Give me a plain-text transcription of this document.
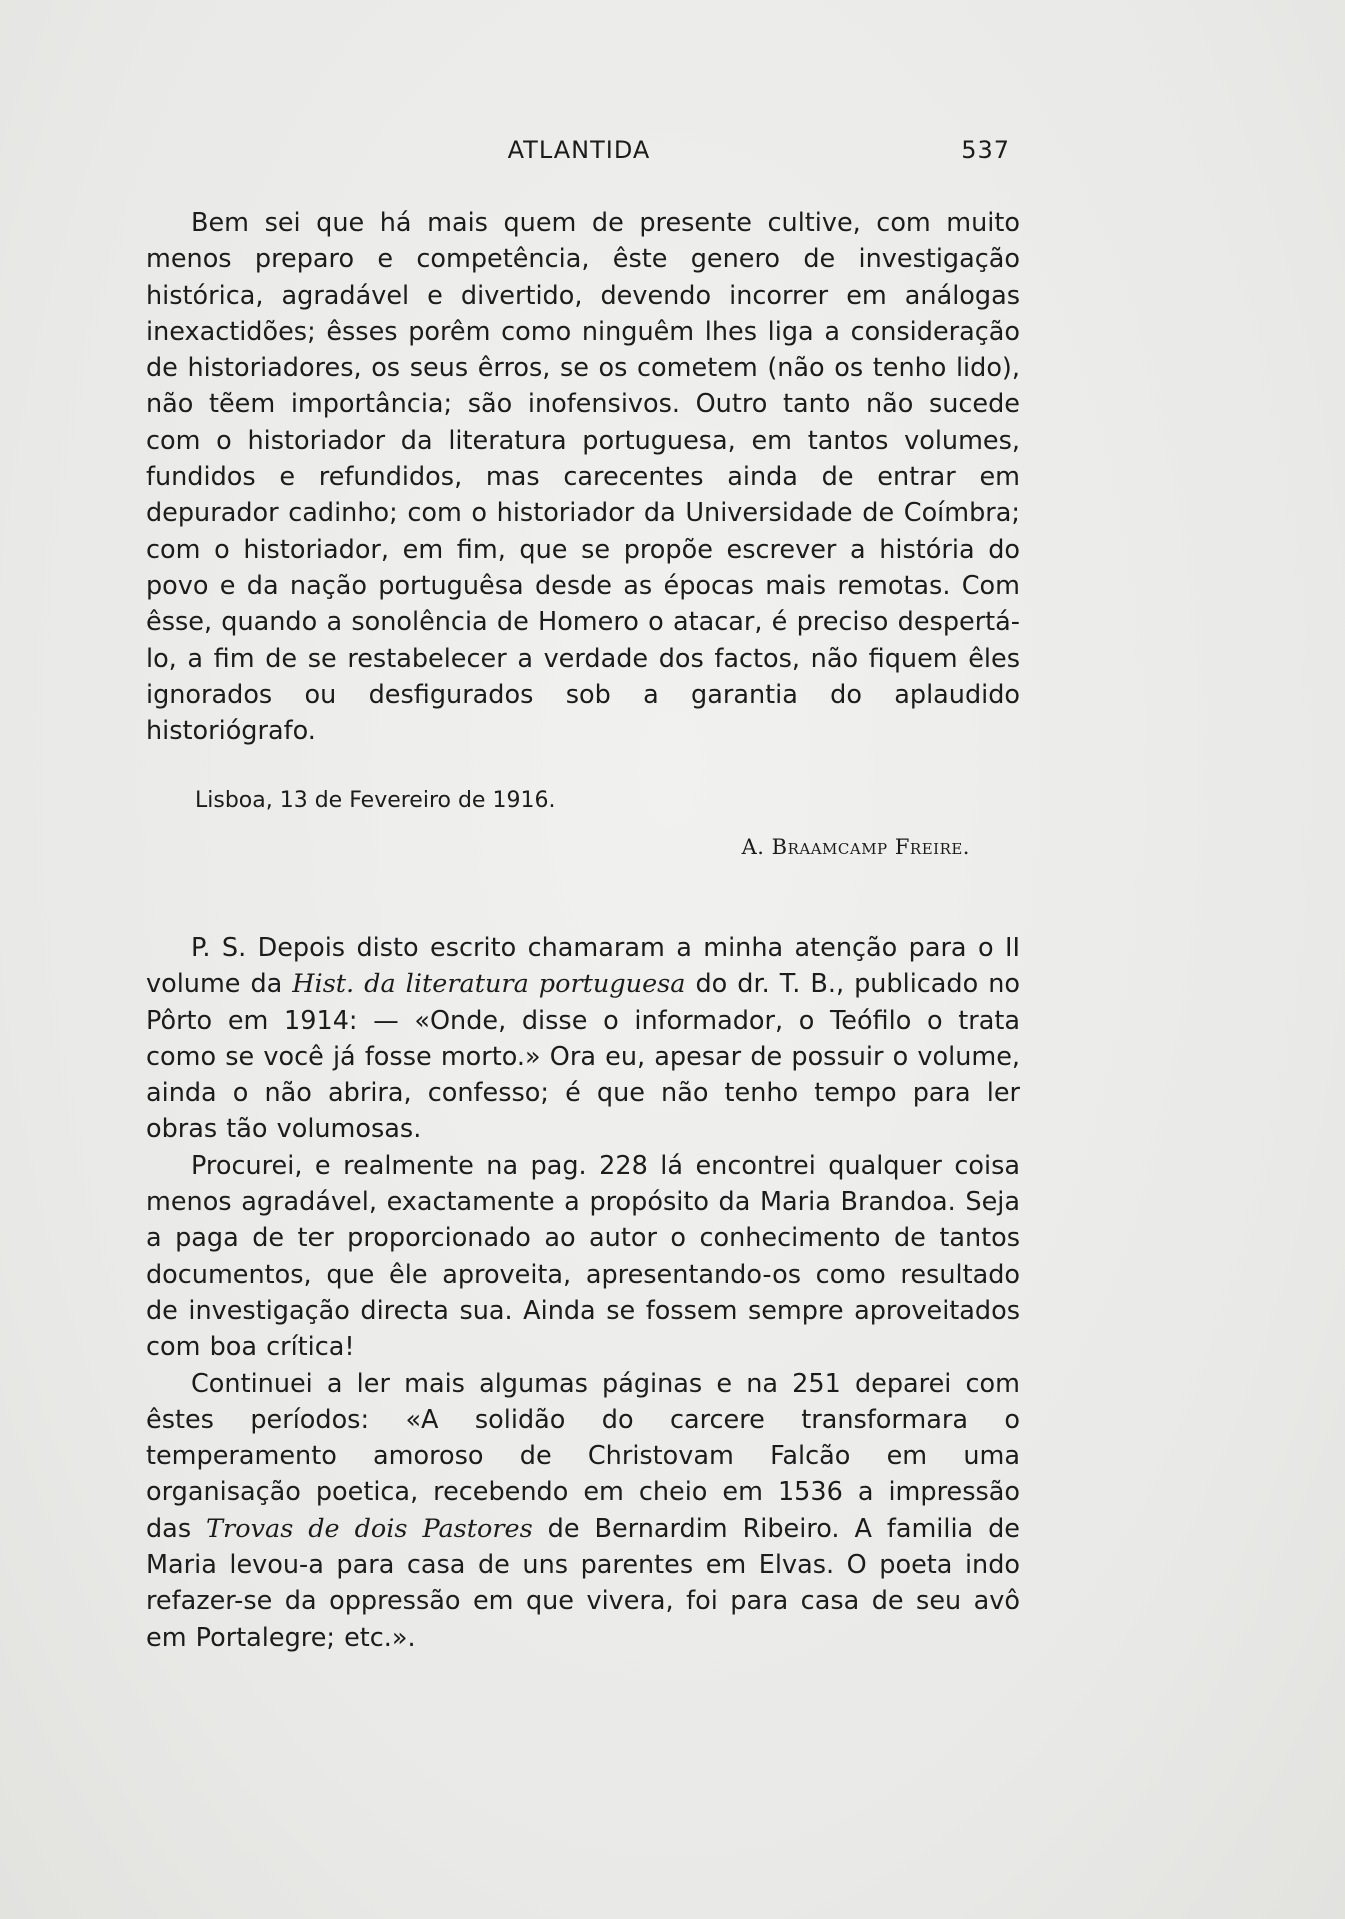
ATLANTIDA	537

Bem sei que há mais quem de presente cultive, com muito menos preparo e competência, êste genero de investigação histórica, agradável e divertido, devendo incorrer em análogas inexactidões; êsses porêm como ninguêm lhes liga a consideração de historiadores, os seus êrros, se os cometem (não os tenho lido), não tẽem importância; são inofensivos. Outro tanto não sucede com o historiador da literatura portuguesa, em tantos volumes, fundidos e refundidos, mas carecentes ainda de entrar em depurador cadinho; com o historiador da Universidade de Coímbra; com o historiador, em fim, que se propõe escrever a história do povo e da nação portuguêsa desde as épocas mais remotas. Com êsse, quando a sonolência de Homero o atacar, é preciso despertá-lo, a fim de se restabelecer a verdade dos factos, não fiquem êles ignorados ou desfigurados sob a garantia do aplaudido historiógrafo.

Lisboa, 13 de Fevereiro de 1916.
A. Braamcamp Freire.

P. S. Depois disto escrito chamaram a minha atenção para o II volume da Hist. da literatura portuguesa do dr. T. B., publicado no Pôrto em 1914: — «Onde, disse o informador, o Teófilo o trata como se você já fosse morto.» Ora eu, apesar de possuir o volume, ainda o não abrira, confesso; é que não tenho tempo para ler obras tão volumosas.

Procurei, e realmente na pag. 228 lá encontrei qualquer coisa menos agradável, exactamente a propósito da Maria Brandoa. Seja a paga de ter proporcionado ao autor o conhecimento de tantos documentos, que êle aproveita, apresentando-os como resultado de investigação directa sua. Ainda se fossem sempre aproveitados com boa crítica!

Continuei a ler mais algumas páginas e na 251 deparei com êstes períodos: «A solidão do carcere transformara o temperamento amoroso de Christovam Falcão em uma organisação poetica, recebendo em cheio em 1536 a impressão das Trovas de dois Pastores de Bernardim Ribeiro. A familia de Maria levou-a para casa de uns parentes em Elvas. O poeta indo refazer-se da oppressão em que vivera, foi para casa de seu avô em Portalegre; etc.».
